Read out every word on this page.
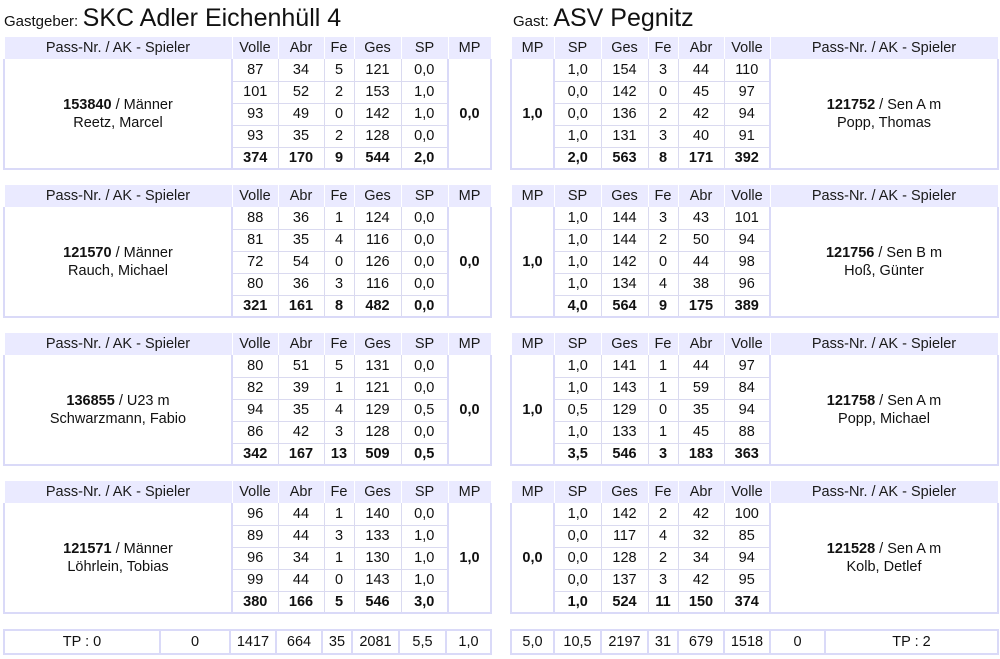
Gastgeber: SKC Adler Eichenhüll 4	Gast: ASV Pegnitz
Pass-Nr. / AK - Spieler	Volle	Abr	Fe	Ges	SP	MP
153840 / Männer
Reetz, Marcel	87	34	5	121	0,0	0,0
	101	52	2	153	1,0	
	93	49	0	142	1,0	
	93	35	2	128	0,0	
	374	170	9	544	2,0	
MP	SP	Ges	Fe	Abr	Volle	Pass-Nr. / AK - Spieler
1,0	1,0	154	3	44	110	121752 / Sen A m
Popp, Thomas
	0,0	142	0	45	97	
	0,0	136	2	42	94	
	1,0	131	3	40	91	
	2,0	563	8	171	392	
Pass-Nr. / AK - Spieler	Volle	Abr	Fe	Ges	SP	MP
121570 / Männer
Rauch, Michael	88	36	1	124	0,0	0,0
	81	35	4	116	0,0	
	72	54	0	126	0,0	
	80	36	3	116	0,0	
	321	161	8	482	0,0	
MP	SP	Ges	Fe	Abr	Volle	Pass-Nr. / AK - Spieler
1,0	1,0	144	3	43	101	121756 / Sen B m
Hoß, Günter
	1,0	144	2	50	94	
	1,0	142	0	44	98	
	1,0	134	4	38	96	
	4,0	564	9	175	389	
Pass-Nr. / AK - Spieler	Volle	Abr	Fe	Ges	SP	MP
136855 / U23 m
Schwarzmann, Fabio	80	51	5	131	0,0	0,0
	82	39	1	121	0,0	
	94	35	4	129	0,5	
	86	42	3	128	0,0	
	342	167	13	509	0,5	
MP	SP	Ges	Fe	Abr	Volle	Pass-Nr. / AK - Spieler
1,0	1,0	141	1	44	97	121758 / Sen A m
Popp, Michael
	1,0	143	1	59	84	
	0,5	129	0	35	94	
	1,0	133	1	45	88	
	3,5	546	3	183	363	
Pass-Nr. / AK - Spieler	Volle	Abr	Fe	Ges	SP	MP
121571 / Männer
Löhrlein, Tobias	96	44	1	140	0,0	1,0
	89	44	3	133	1,0	
	96	34	1	130	1,0	
	99	44	0	143	1,0	
	380	166	5	546	3,0	
MP	SP	Ges	Fe	Abr	Volle	Pass-Nr. / AK - Spieler
0,0	1,0	142	2	42	100	121528 / Sen A m
Kolb, Detlef
	0,0	117	4	32	85	
	0,0	128	2	34	94	
	0,0	137	3	42	95	
	1,0	524	11	150	374	
TP : 0	0	1417	664	35	2081	5,5	1,0	5,0	10,5	2197	31	679	1518	0	TP : 2
